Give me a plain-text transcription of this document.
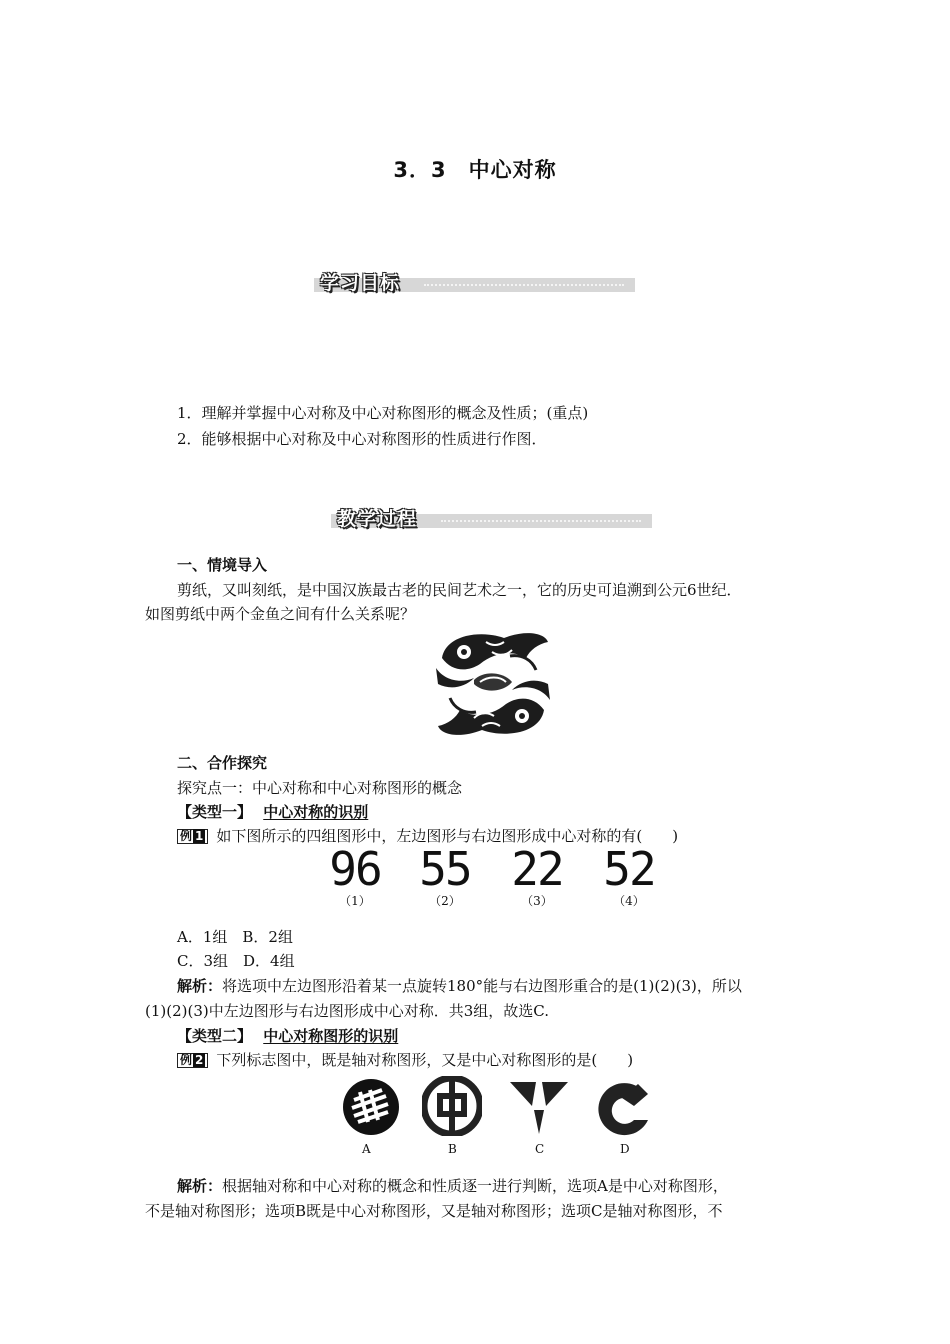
3．3　中心对称
学习目标
1．理解并掌握中心对称及中心对称图形的概念及性质；(重点)
2．能够根据中心对称及中心对称图形的性质进行作图．
教学过程
一、情境导入
剪纸，又叫刻纸，是中国汉族最古老的民间艺术之一，它的历史可追溯到公元6世纪．
如图剪纸中两个金鱼之间有什么关系呢？
二、合作探究
探究点一：中心对称和中心对称图形的概念
【类型一】 中心对称的识别
例 1 如下图所示的四组图形中，左边图形与右边图形成中心对称的有(　　)
96
（1）
55
（2）
22
（3）
52
（4）
A．1组　B．2组
C．3组　D．4组
解析：将选项中左边图形沿着某一点旋转180°能与右边图形重合的是(1)(2)(3)，所以
(1)(2)(3)中左边图形与右边图形成中心对称．共3组，故选C.
【类型二】 中心对称图形的识别
例 2 下列标志图中，既是轴对称图形，又是中心对称图形的是(　　)
A	B	C	D
解析：根据轴对称和中心对称的概念和性质逐一进行判断，选项A是中心对称图形，
不是轴对称图形；选项B既是中心对称图形，又是轴对称图形；选项C是轴对称图形，不
